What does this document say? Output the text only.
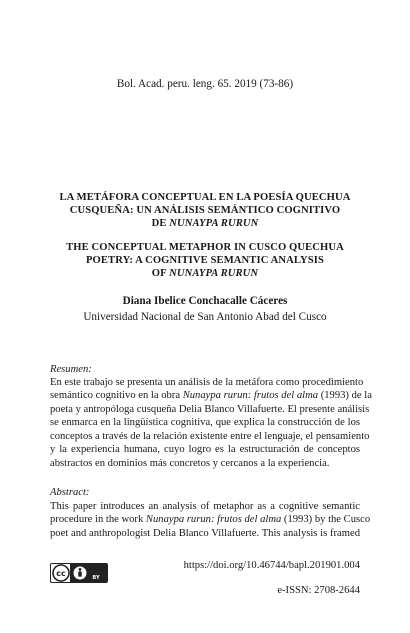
Bol. Acad. peru. leng. 65. 2019 (73-86)
LA METÁFORA CONCEPTUAL EN LA POESÍA QUECHUA
CUSQUEÑA: UN ANÁLISIS SEMÁNTICO COGNITIVO
DE NUNAYPA RURUN
THE CONCEPTUAL METAPHOR IN CUSCO QUECHUA
POETRY: A COGNITIVE SEMANTIC ANALYSIS
OF NUNAYPA RURUN
Diana Ibelice Conchacalle Cáceres
Universidad Nacional de San Antonio Abad del Cusco
Resumen:
En este trabajo se presenta un análisis de la metáfora como procedimiento
semántico cognitivo en la obra Nunaypa rurun: frutos del alma (1993) de la
poeta y antropóloga cusqueña Delia Blanco Villafuerte. El presente análisis
se enmarca en la lingüística cognitiva, que explica la construcción de los
conceptos a través de la relación existente entre el lenguaje, el pensamiento
y la experiencia humana, cuyo logro es la estructuración de conceptos
abstractos en dominios más concretos y cercanos a la experiencia.
Abstract:
This paper introduces an analysis of metaphor as a cognitive semantic
procedure in the work Nunaypa rurun: frutos del alma (1993) by the Cusco
poet and anthropologist Delia Blanco Villafuerte. This analysis is framed
cc	BY
https://doi.org/10.46744/bapl.201901.004
e-ISSN: 2708-2644
